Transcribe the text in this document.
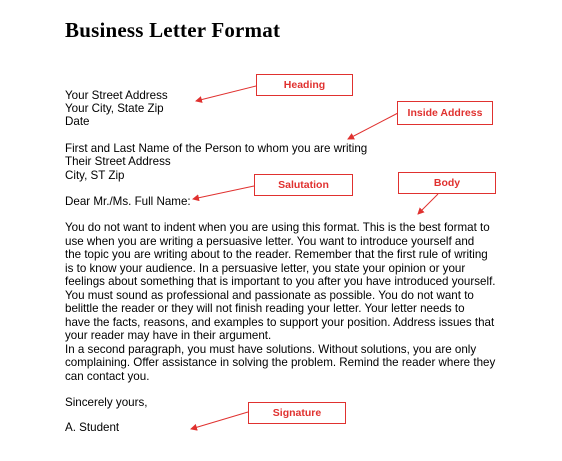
Business Letter Format
Your Street Address
Your City, State Zip
Date
First and Last Name of the Person to whom you are writing
Their Street Address
City, ST Zip
Dear Mr./Ms. Full Name:
You do not want to indent when you are using this format. This is the best format to
use when you are writing a persuasive letter. You want to introduce yourself and
the topic you are writing about to the reader. Remember that the first rule of writing
is to know your audience. In a persuasive letter, you state your opinion or your
feelings about something that is important to you after you have introduced yourself.
You must sound as professional and passionate as possible. You do not want to
belittle the reader or they will not finish reading your letter. Your letter needs to
have the facts, reasons, and examples to support your position. Address issues that
your reader may have in their argument.
In a second paragraph, you must have solutions. Without solutions, you are only
complaining. Offer assistance in solving the problem. Remind the reader where they
can contact you.
Sincerely yours,
A. Student
Heading
Inside Address
Salutation	Body
Signature
